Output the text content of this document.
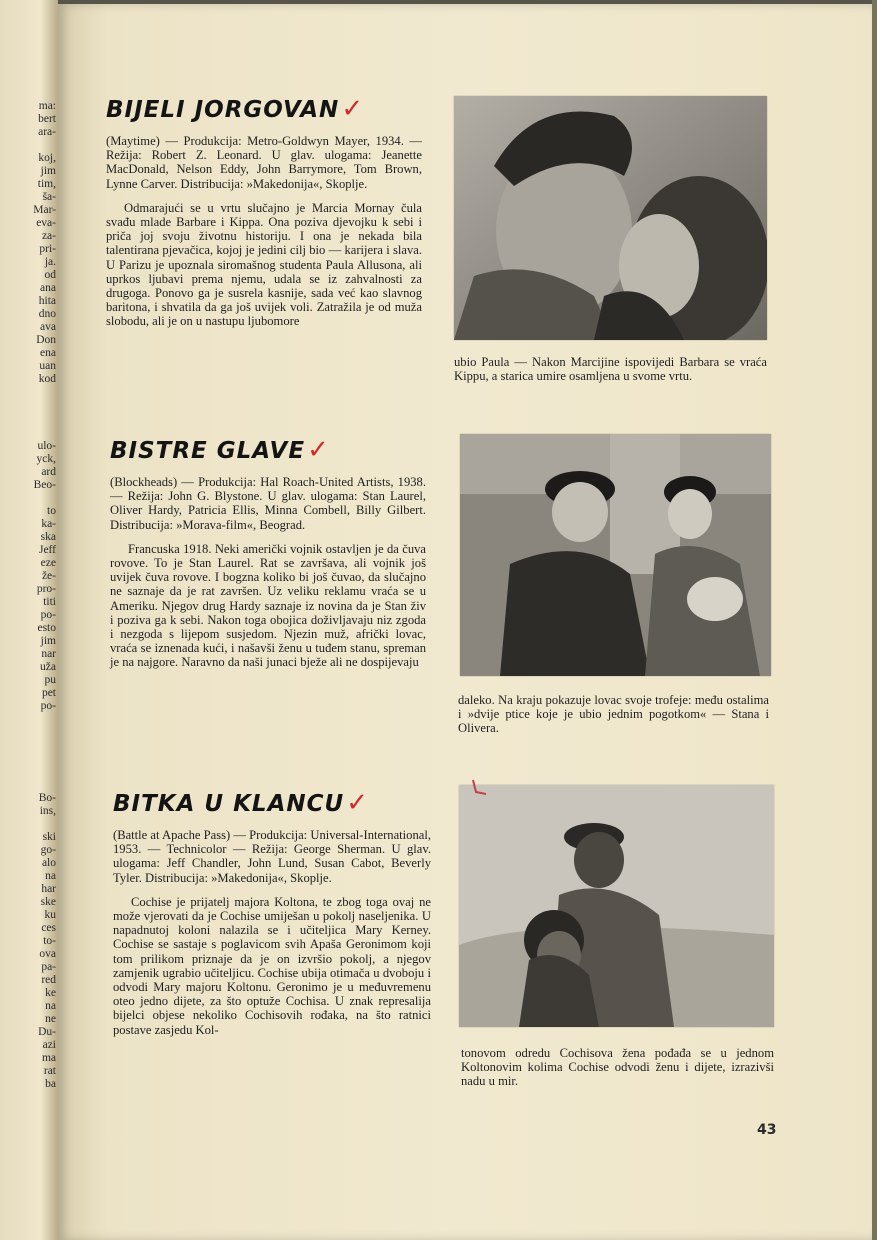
ma:
bert
ara-

koj,
jim
tim,
ša-
Mar-
eva-
za-
pri-
ja.
od
ana
hita
dno
ava
Don
ena
uan
kod
ulo-
yck,
ard
Beo-

to
ka-
ska
Jeff
eze
že-
pro-
titi
po-
esto
jim
nar
uža
pu
pet
po-
Bo-
ins,

ski
go-
alo
na
har
ske
ku
ces
to-
ova
pa-
red
ke
na
ne
Du-
azi
ma
rat
ba
BIJELI JORGOVAN✓

(Maytime) — Produkcija: Metro-Goldwyn Mayer, 1934. — Režija: Robert Z. Leonard. U glav. ulogama: Jeanette MacDonald, Nelson Eddy, John Barrymore, Tom Brown, Lynne Carver. Distribucija: »Makedonija«, Skoplje.

Odmarajući se u vrtu slučajno je Marcia Mornay čula svađu mlade Barbare i Kippa. Ona poziva djevojku k sebi i priča joj svoju životnu historiju. I ona je nekada bila talentirana pjevačica, kojoj je jedini cilj bio — karijera i slava. U Parizu je upoznala siromašnog studenta Paula Allusona, ali uprkos ljubavi prema njemu, udala se iz zahvalnosti za drugoga. Ponovo ga je susrela kasnije, sada već kao slavnog baritona, i shvatila da ga još uvijek voli. Zatražila je od muža slobodu, ali je on u nastupu ljubomore

ubio Paula — Nakon Marcijine ispovijedi Barbara se vraća Kippu, a starica umire osamljena u svome vrtu.
BISTRE GLAVE✓

(Blockheads) — Produkcija: Hal Roach-United Artists, 1938. — Režija: John G. Blystone. U glav. ulogama: Stan Laurel, Oliver Hardy, Patricia Ellis, Minna Combell, Billy Gilbert. Distribucija: »Morava-film«, Beograd.

Francuska 1918. Neki američki vojnik ostavljen je da čuva rovove. To je Stan Laurel. Rat se završava, ali vojnik još uvijek čuva rovove. I bogzna koliko bi još čuvao, da slučajno ne saznaje da je rat završen. Uz veliku reklamu vraća se u Ameriku. Njegov drug Hardy saznaje iz novina da je Stan živ i poziva ga k sebi. Nakon toga obojica doživljavaju niz zgoda i nezgoda s lijepom susjedom. Njezin muž, afrički lovac, vraća se iznenada kući, i našavši ženu u tuđem stanu, spreman je na najgore. Naravno da naši junaci bježe ali ne dospijevaju

daleko. Na kraju pokazuje lovac svoje trofeje: među ostalima i »dvije ptice koje je ubio jednim pogotkom« — Stana i Olivera.
BITKA U KLANCU✓

(Battle at Apache Pass) — Produkcija: Universal-International, 1953. — Technicolor — Režija: George Sherman. U glav. ulogama: Jeff Chandler, John Lund, Susan Cabot, Beverly Tyler. Distribucija: »Makedonija«, Skoplje.

Cochise je prijatelj majora Koltona, te zbog toga ovaj ne može vjerovati da je Cochise umiješan u pokolj naseljenika. U napadnutoj koloni nalazila se i učiteljica Mary Kerney. Cochise se sastaje s poglavicom svih Apaša Geronimom koji tom prilikom priznaje da je on izvršio pokolj, a njegov zamjenik ugrabio učiteljicu. Cochise ubija otimača u dvoboju i odvodi Mary majoru Koltonu. Geronimo je u međuvremenu oteo jedno dijete, za što optuže Cochisa. U znak represalija bijelci objese nekoliko Cochisovih rođaka, na što ratnici postave zasjedu Kol-

tonovom odredu Cochisova žena pođađa se u jednom Koltonovim kolima Cochise odvodi ženu i dijete, izrazivši nadu u mir.
43
